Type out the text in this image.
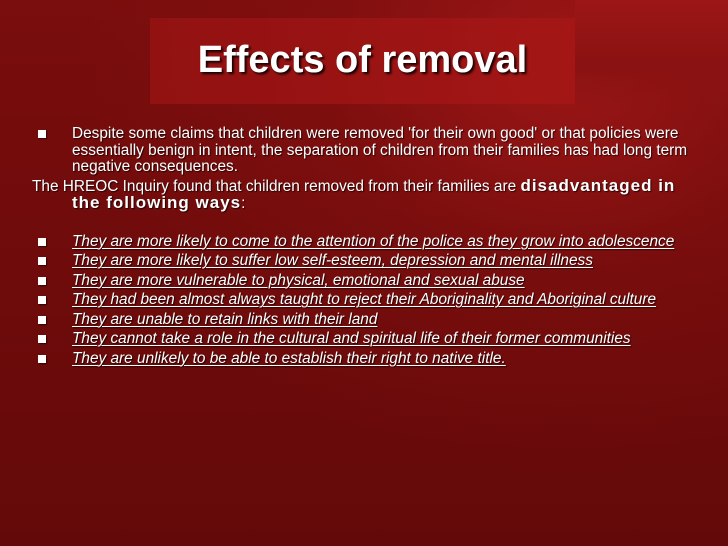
Effects of removal

Despite some claims that children were removed 'for their own good' or that policies were essentially benign in intent, the separation of children from their families has had long term negative consequences.

The HREOC Inquiry found that children removed from their families are disadvantaged in the following ways:

They are more likely to come to the attention of the police as they grow into adolescence

They are more likely to suffer low self-esteem, depression and mental illness

They are more vulnerable to physical, emotional and sexual abuse

They had been almost always taught to reject their Aboriginality and Aboriginal culture

They are unable to retain links with their land

They cannot take a role in the cultural and spiritual life of their former communities

They are unlikely to be able to establish their right to native title.
